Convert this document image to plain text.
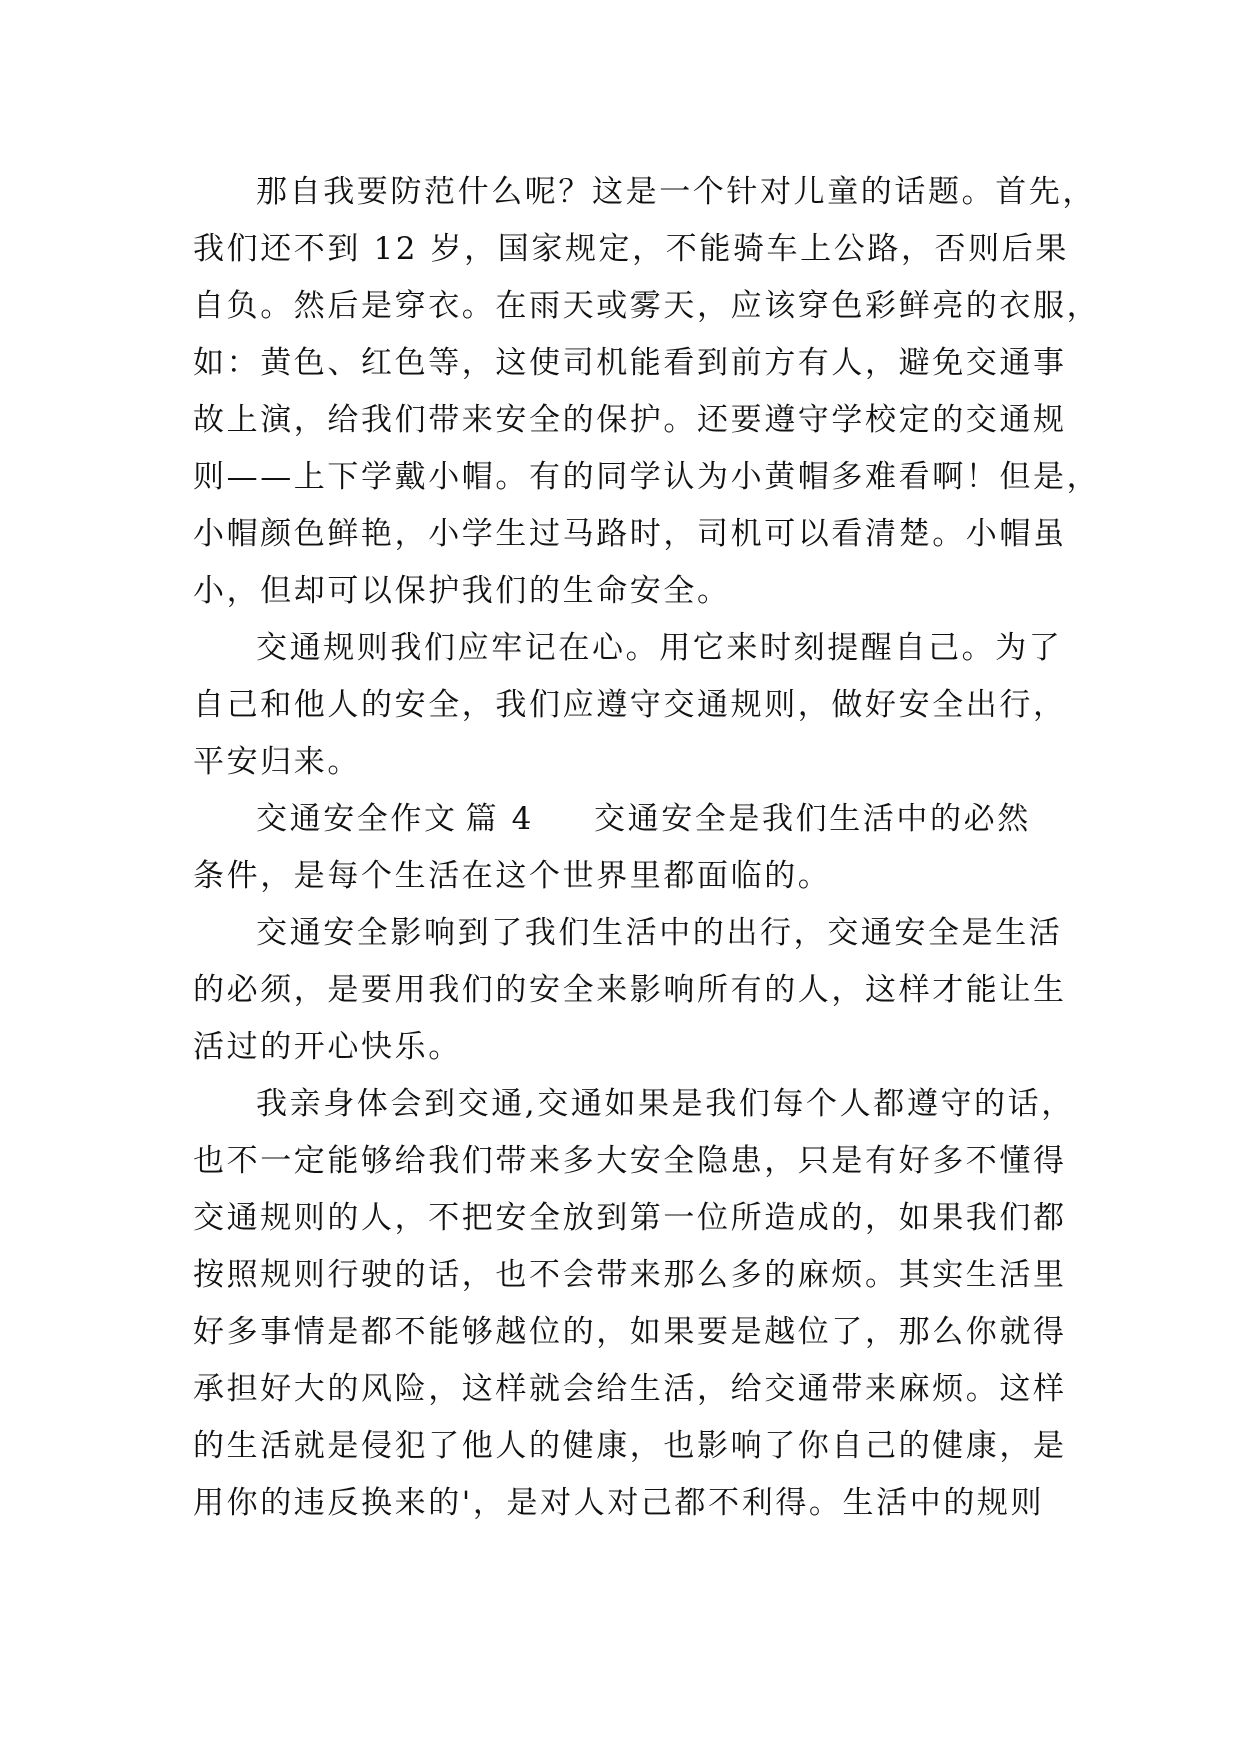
那自我要防范什么呢？这是一个针对儿童的话题。首先，
我们还不到 12 岁，国家规定，不能骑车上公路，否则后果
自负。然后是穿衣。在雨天或雾天，应该穿色彩鲜亮的衣服，
如：黄色、红色等，这使司机能看到前方有人，避免交通事
故上演，给我们带来安全的保护。还要遵守学校定的交通规
则——上下学戴小帽。有的同学认为小黄帽多难看啊！但是，
小帽颜色鲜艳，小学生过马路时，司机可以看清楚。小帽虽
小，但却可以保护我们的生命安全。
交通规则我们应牢记在心。用它来时刻提醒自己。为了
自己和他人的安全，我们应遵守交通规则，做好安全出行，
平安归来。
交通安全作文 篇 4 交通安全是我们生活中的必然
条件，是每个生活在这个世界里都面临的。
交通安全影响到了我们生活中的出行，交通安全是生活
的必须，是要用我们的安全来影响所有的人，这样才能让生
活过的开心快乐。
我亲身体会到交通,交通如果是我们每个人都遵守的话，
也不一定能够给我们带来多大安全隐患，只是有好多不懂得
交通规则的人，不把安全放到第一位所造成的，如果我们都
按照规则行驶的话，也不会带来那么多的麻烦。其实生活里
好多事情是都不能够越位的，如果要是越位了，那么你就得
承担好大的风险，这样就会给生活，给交通带来麻烦。这样
的生活就是侵犯了他人的健康，也影响了你自己的健康，是
用你的违反换来的'，是对人对己都不利得。生活中的规则
